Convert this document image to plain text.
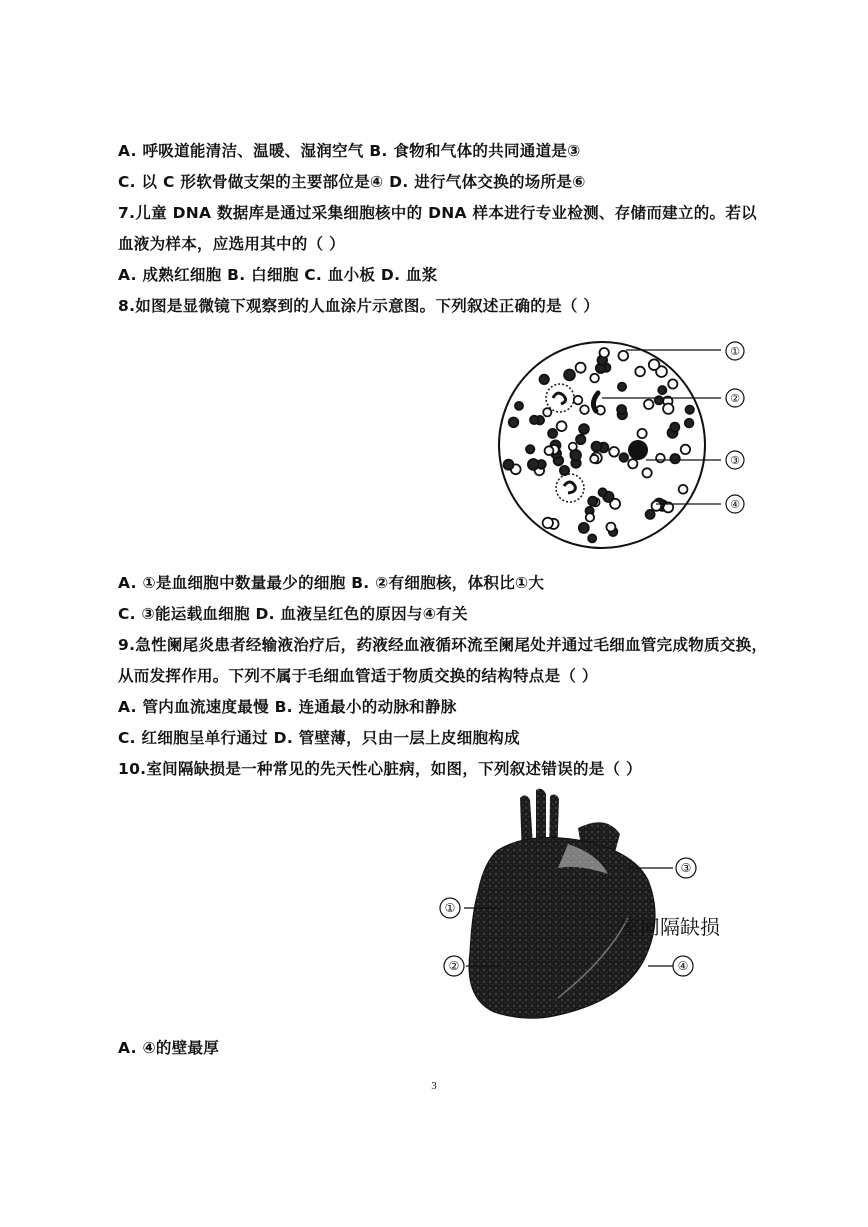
A. 呼吸道能清洁、温暖、湿润空气 B. 食物和气体的共同通道是③
C. 以 C 形软骨做支架的主要部位是④ D. 进行气体交换的场所是⑥
7.儿童 DNA 数据库是通过采集细胞核中的 DNA 样本进行专业检测、存储而建立的。若以
血液为样本，应选用其中的（ ）
A. 成熟红细胞 B. 白细胞 C. 血小板 D. 血浆
8.如图是显微镜下观察到的人血涂片示意图。下列叙述正确的是（ ）
①
②
③
④
A. ①是血细胞中数量最少的细胞 B. ②有细胞核，体积比①大
C. ③能运载血细胞 D. 血液呈红色的原因与④有关
9.急性阑尾炎患者经输液治疗后，药液经血液循环流至阑尾处并通过毛细血管完成物质交换，
从而发挥作用。下列不属于毛细血管适于物质交换的结构特点是（ ）
A. 管内血流速度最慢 B. 连通最小的动脉和静脉
C. 红细胞呈单行通过 D. 管壁薄，只由一层上皮细胞构成
10.室间隔缺损是一种常见的先天性心脏病，如图，下列叙述错误的是（ ）
①
②
③
④
室间隔缺损
A. ④的壁最厚
3
